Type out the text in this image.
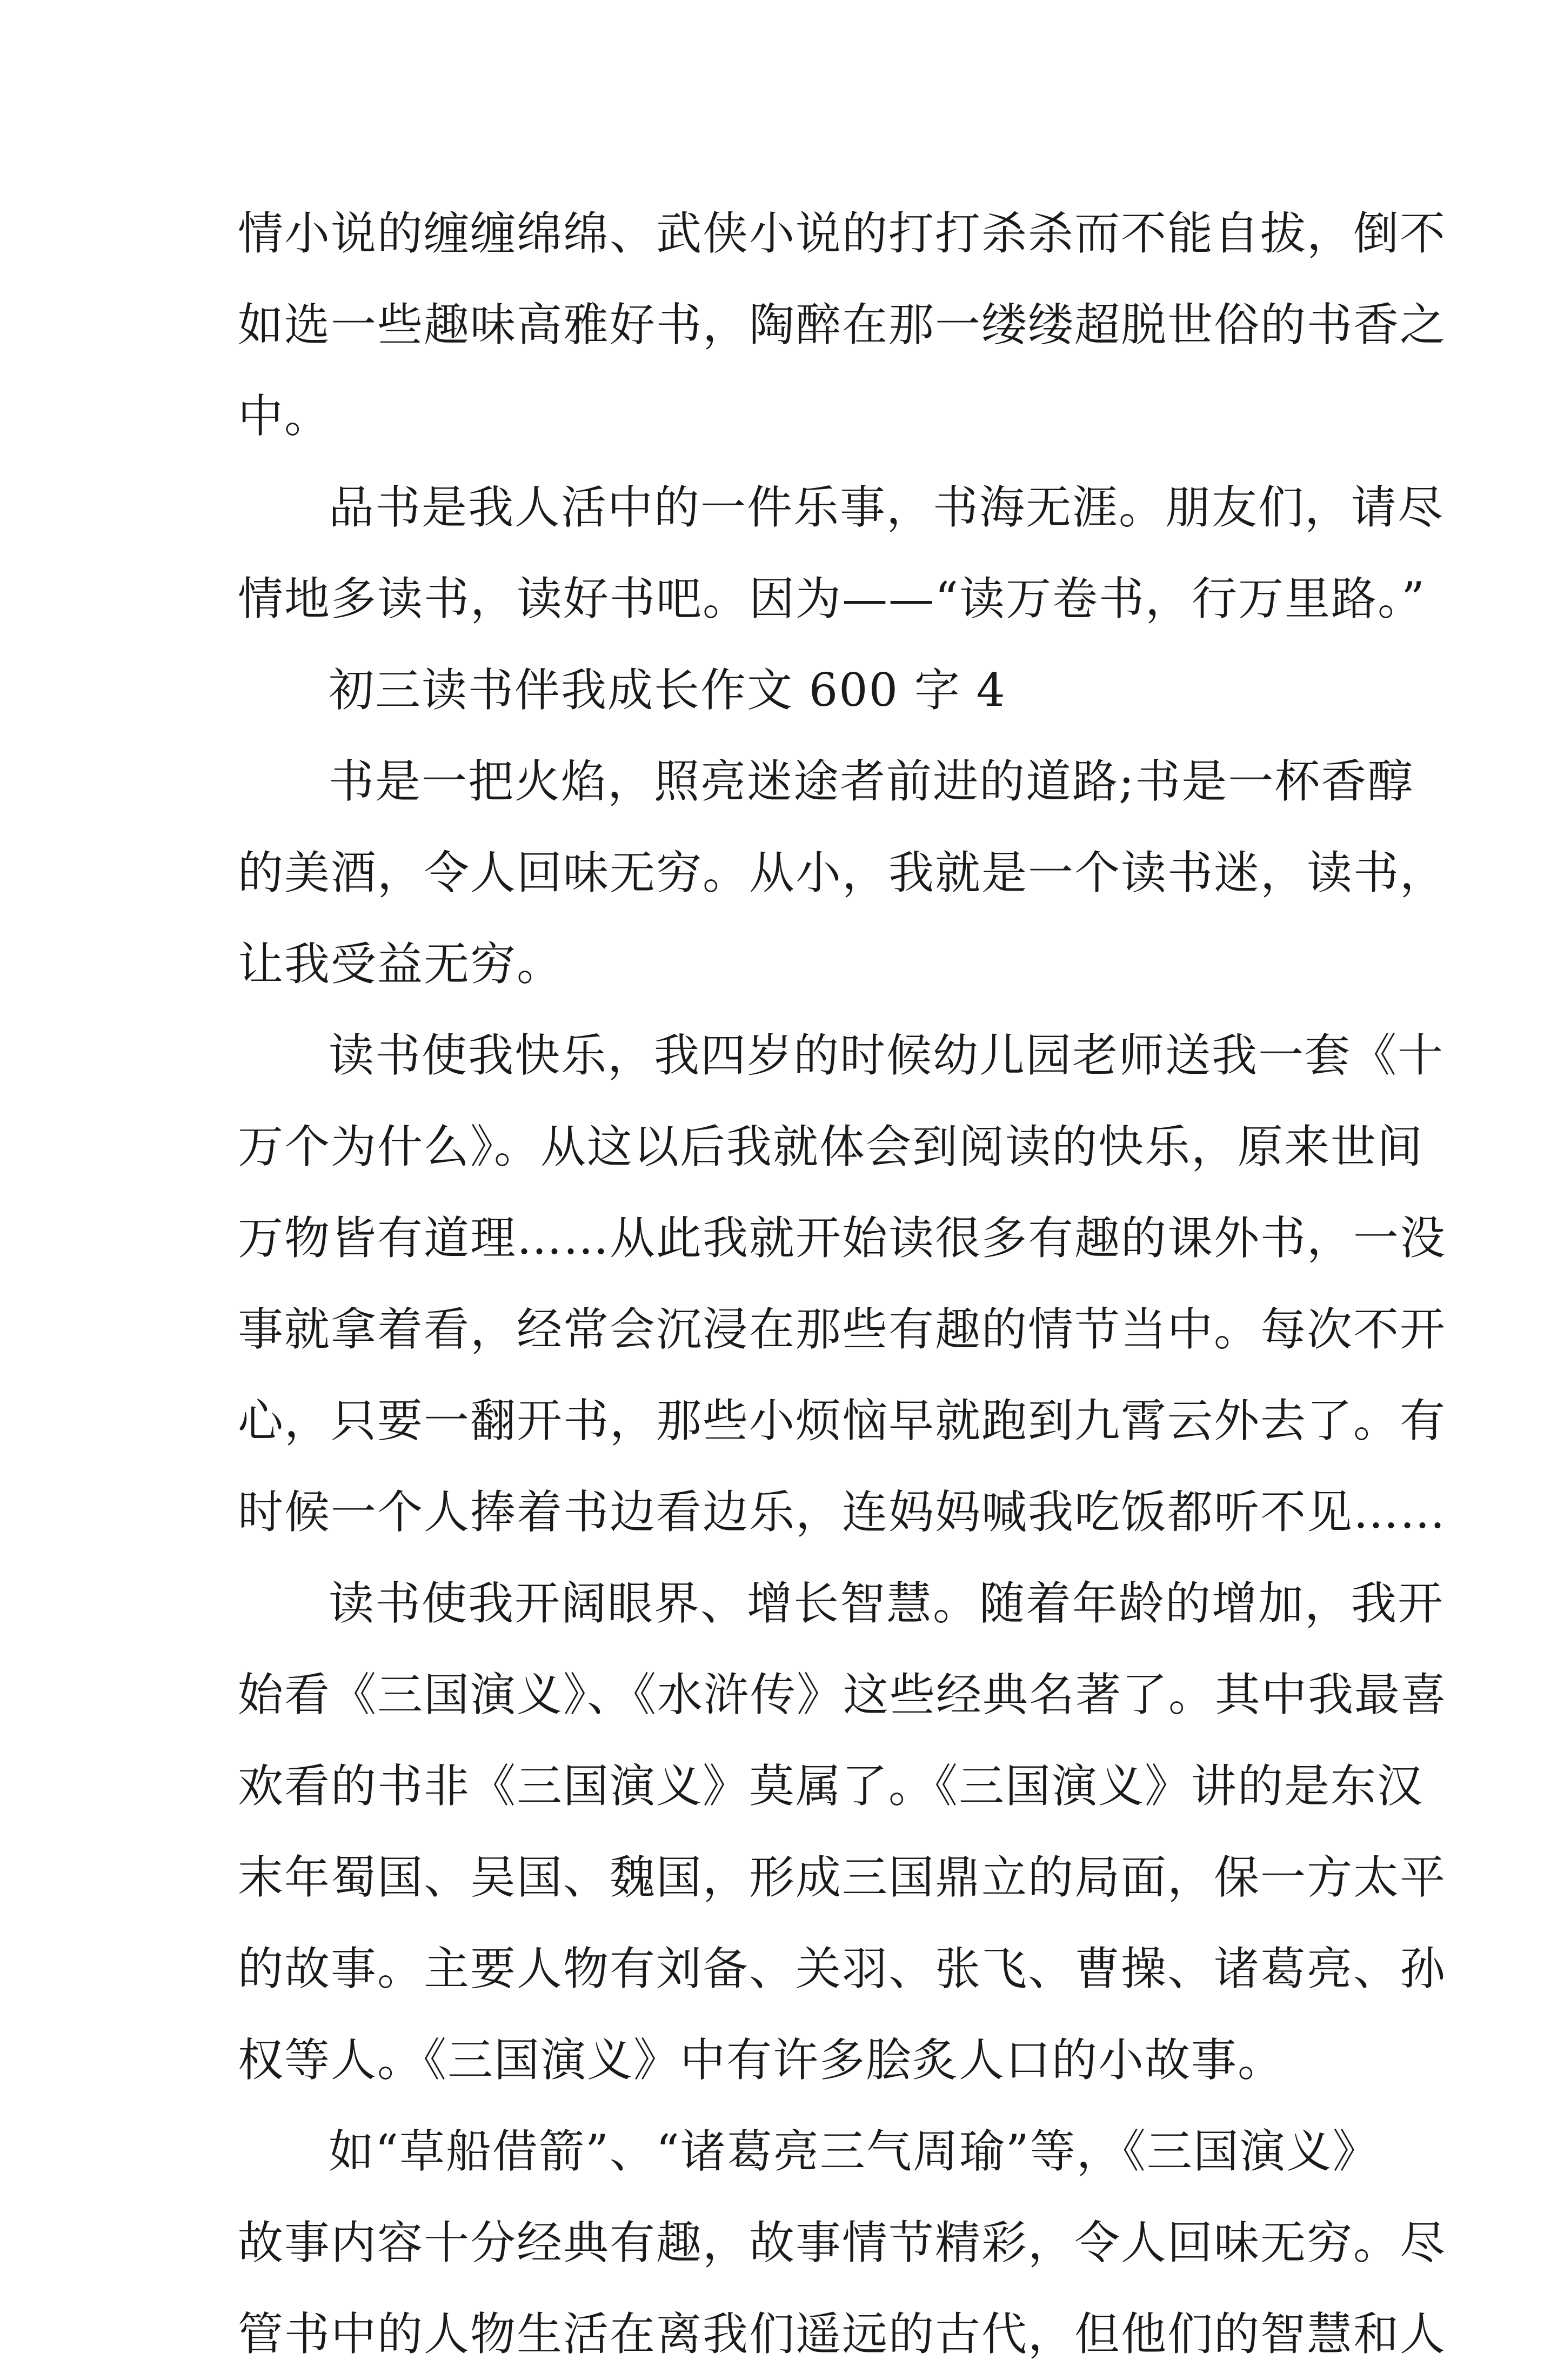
情小说的缠缠绵绵、武侠小说的打打杀杀而不能自拔，倒不
如选一些趣味高雅好书，陶醉在那一缕缕超脱世俗的书香之
中。
品书是我人活中的一件乐事，书海无涯。朋友们，请尽
情地多读书，读好书吧。因为——“读万卷书，行万里路。”
初三读书伴我成长作文 600 字 4
书是一把火焰，照亮迷途者前进的道路;书是一杯香醇
的美酒，令人回味无穷。从小，我就是一个读书迷，读书，
让我受益无穷。
读书使我快乐，我四岁的时候幼儿园老师送我一套《十
万个为什么》。从这以后我就体会到阅读的快乐，原来世间
万物皆有道理……从此我就开始读很多有趣的课外书，一没
事就拿着看，经常会沉浸在那些有趣的情节当中。每次不开
心，只要一翻开书，那些小烦恼早就跑到九霄云外去了。有
时候一个人捧着书边看边乐，连妈妈喊我吃饭都听不见……
读书使我开阔眼界、增长智慧。随着年龄的增加，我开
始看《三国演义》、《水浒传》这些经典名著了。其中我最喜
欢看的书非《三国演义》莫属了。《三国演义》讲的是东汉
末年蜀国、吴国、魏国，形成三国鼎立的局面，保一方太平
的故事。主要人物有刘备、关羽、张飞、曹操、诸葛亮、孙
权等人。《三国演义》中有许多脍炙人口的小故事。
如“草船借箭”、“诸葛亮三气周瑜”等，《三国演义》
故事内容十分经典有趣，故事情节精彩，令人回味无穷。尽
管书中的人物生活在离我们遥远的古代，但他们的智慧和人
